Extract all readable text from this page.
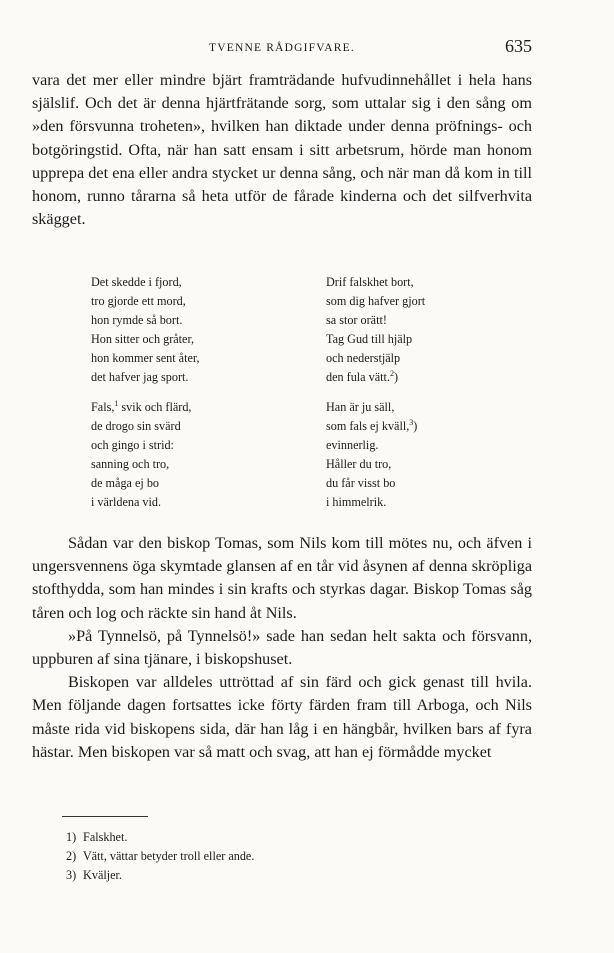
TVENNE RÅDGIFVARE.	635

vara det mer eller mindre bjärt framträdande hufvudinnehållet i hela hans själslif. Och det är denna hjärtfrätande sorg, som uttalar sig i den sång om »den försvunna troheten», hvilken han diktade under denna pröfnings- och botgöringstid. Ofta, när han satt ensam i sitt arbetsrum, hörde man honom upprepa det ena eller andra stycket ur denna sång, och när man då kom in till honom, runno tårarna så heta utför de fårade kinderna och det silfverhvita skägget.

Det skedde i fjord,
tro gjorde ett mord,
hon rymde så bort.
Hon sitter och gråter,
hon kommer sent åter,
det hafver jag sport.
Drif falskhet bort,
som dig hafver gjort
sa stor orätt!
Tag Gud till hjälp
och nederstjälp
den fula vätt.$^2$)
Fals,$^1$ svik och flärd,
de drogo sin svärd
och gingo i strid:
sanning och tro,
de måga ej bo
i världena vid.
Han är ju säll,
som fals ej kväll,$^3$)
evinnerlig.
Håller du tro,
du får visst bo
i himmelrik.

Sådan var den biskop Tomas, som Nils kom till mötes nu, och äfven i ungersvennens öga skymtade glansen af en tår vid åsynen af denna skröpliga stofthydda, som han mindes i sin krafts och styrkas dagar. Biskop Tomas såg tåren och log och räckte sin hand åt Nils.

»På Tynnelsö, på Tynnelsö!» sade han sedan helt sakta och försvann, uppburen af sina tjänare, i biskopshuset.

Biskopen var alldeles uttröttad af sin färd och gick genast till hvila. Men följande dagen fortsattes icke förty färden fram till Arboga, och Nils måste rida vid biskopens sida, där han låg i en hängbår, hvilken bars af fyra hästar. Men biskopen var så matt och svag, att han ej förmådde mycket

1) Falskhet.
2) Vätt, vättar betyder troll eller ande.
3) Kväljer.
